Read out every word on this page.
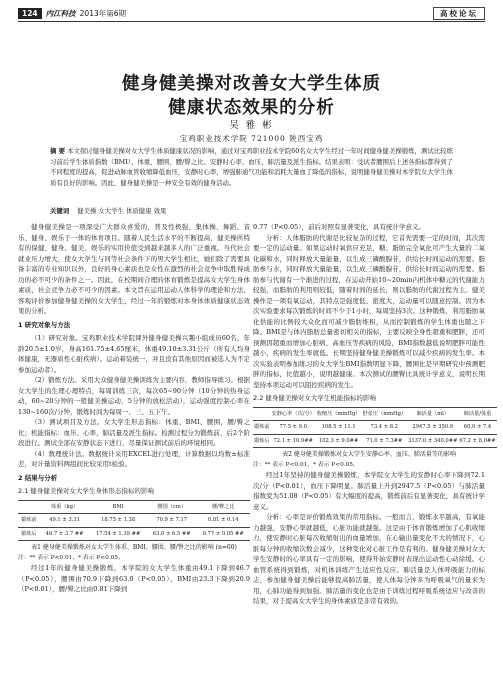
124	内江科技 2013年第6期	高校论坛
健身健美操对改善女大学生体质
健康状态效果的分析
吴 雅 彬
宝鸡职业技术学院 721000 陕西宝鸡
摘 要 本文探讨健身健美操对女大学生体质健康状况的影响，通过对宝鸡职业技术学院60名女大学生经过一年时间健身健美操锻炼，测试比较练习前后学生体质指数（BMI）、体重、腰围、腰/臀之比、安静时心率、血压、肺活量及派生指标。结果表明：受试者腰围后上述各指标都得到了不同程度的提高，促进动脉血管收缩降低血压，安静时心率，增强肺通气功能和消耗大量血了降低的指标，说明健身健美操对本学院女大学生体质有良好的影响。因此，健身健美操是一种安全有效的健身活动。
关键词 健美操 女大学生 体质健康 效果

健身健美操是一项深受广大群众喜爱的，普及性极强，集体操、舞蹈、音乐、健身、娱乐于一体的体育项目。随着人民生活水平的不断提高，健美操所特有的保健、健身、健美、娱乐的实用价值受到越来越多人的广泛重视。当代社会就业压力增大，使女大学生与同等社会条件下的男大学生相比，她们除了需要具备丰富的专业知识以外，良好的身心素质也是女性在激烈的社会竞争中取胜得成功的必不可少的条件之一。因此，在校期间合理的体育锻炼是提高女大学生身体素质、社会竞争力必不可少的因素。本文旨在运用运动人体科学的理论和方法，客观评价参加健身健美操的女大学生，经过一年的锻炼对本身体体质健康状态效果的分析。

1 研究对象与方法

（1）研究对象。宝鸡职业技术学院课外健身健美操兴趣小组成员60名，年龄20.5±1.0岁，身高161.75±4.65厘米，体重49.10±3.31公斤（所有人均身体健康，无器质性心脏疾病）。运动着装统一，并且没有其他原因而被选入为不定参加运动者）。

（2）锻炼方法。采用大众健身健美操训练为主要内容，教师指导练习。根据女大学生的生理心理特点，每周训练三次，每次65~90分钟（10分钟的热身运动，60~20分钟的一般健美操运动，5分钟的放松活动），运动强度控制心率在130~160次/分钟，锻炼时间为每周一、三、五下午。

（3）测试项目及方法。女大学生形态指标：体重、BMI、腰围，腰/臀之比；机能指标：血压、心率，肺活量及派生指标。检测过程分为锻炼前、后2个阶段进行。测试全部在安静状态下进行，尽量保证测试前后的环境相同。

（4）数理统计法。数据统计采用EXCEL进行处理，计算数据以均数±标准差，对计量资料两组间比较采用t检验。

2 结果与分析

2.1 健身健美操对女大学生身体形态指标的影响

	体重（kg）	BMI	腰围（cm）	腰/臀之比
锻炼前	49.1 ± 3.31	18.75 ± 1.38	70.9 ± 7.17	0.81 ± 0.14
锻炼后	46.7 ± 3.7 ##	17.54 ± 1.39 ##	63.0 ± 6.5 ##	0.77 ± 0.05 ##
表1 健身健美操锻炼对女大学生体重、BMI、腰围、腰/臀之比的影响 (n=60)

注：** 表示 P<0.01，* 表示 P<0.05。

经过1年的健身健美操锻炼，本学院的女大学生体重由49.1下降到46.7（P<0.05），腰围由70.9下降到63.0（P<0.05），BMI由23.3下降到20.9（P<0.01），腰/臀之比由0.81下降到

0.77（P<0.05），前后对照有显著变化，具有统计学意义。

分析：人体脂肪的代谢是比较复杂的过程，它首先需要一定的时间，其次需要一定的运动量。如果运动时氧供应充足，糖、脂肪完全氧化可产生大量的二氧化碳和水，同时释放大量能量，以生成三磷酸腺苷，供给长时间运动的需要。脂肪参与水，同时释放大量能量，以生成三磷酸腺苷，供给长时间运动的需要。脂肪参与代谢有一个渐进的过程，在运动开始10~20min内机体中糖元的代谢能力较强，而脂肪的利用则较低，随着时间的延长，则以脂肪的代谢过程为主。健美操作是一项有氧运动，其特点是强度低、密度大，运动量可以随意控制。因为本次实验要求每次锻炼的时间不少于1小时，每周坚持3次。这种锻炼，利用脂肪氧化供能的比例较大众化而可减少脂肪堆积，从而控制锻炼的学生体重也随之下降。BMI是与体内脂肪总量密切相关的指标，主要反映全身性超重和肥胖，还可预测因超重而增加心脏病、高血压等疾病的风险，BMI指数越低说明肥胖可能性越小，疾病的发生率就低。长期坚持健身健美操锻炼可以减少疾病的发生率。本次实验表明参加练习的女大学生BMI指数明显下降，腰围比是早期研究中预测肥胖的指标，比值越小，说明越健康。本次测试的腰臀比具统计学意义，说明长期坚持本项运动可以阻控疾病的发生。

2.2 健身健美操对女大学生机能指标的影响

	安静心率（次/分）	收缩压（mmHg）	舒张压（mmHg）	肺活量（ml）	肺活量/体重
锻炼前	77.5 ± 9.0	108.5 ± 11.1	73.4 ± 8.2	2947.5 ± 350.9	60.0 ± 7.4
锻炼后	72.1 ± 10.9##	102.3 ± 9.0##	71.0 ± 7.3##	3137.0 ± 340.0##	67.2 ± 8.0##
表2 健身健美操锻炼对女大学生安静心率、血压、肺活量等的影响

注：** 表示 P<0.01，* 表示 P<0.05。

经过1年坚持的健身健美操锻炼，本学院女大学生的安静时心率下降到72.1次/分（P<0.01），血压下降明显。肺活量上升到2947.5（P<0.05）与肺活量指数变为51.08（P<0.05）有大幅度的提高，锻炼前后有显著变化，具有统计学意义。

分析：心率是评价锻炼效果的常用指标。一般而言，锻炼水平越高，有氧能力越强，安静心率就越低，心脏功能就越强。这是由于体育锻炼增加了心肌收缩力，使安静时心脏每次收缩射出的血量增加，在心输出量变化不大的情况下，心脏每分钟的收缩次数会减少，这种变化对心脏工作是有利的。健身健美操对女大学生安静时的心率具有一定的影响，使得开始安静时表现出运动性心动徐缓。心血管系统得到锻炼，对机体训练产生适应性反应。肺活量是人体呼吸能力的标志，参加健身健美操后能够提高肺活量，使人体每分钟多为呼吸氧气的量来为用，心肺功能得到加强。肺活量的变化也是由于训练过程呼吸系统适应与改善的结果，对于提高女大学生的身体素质是非常有效的。
